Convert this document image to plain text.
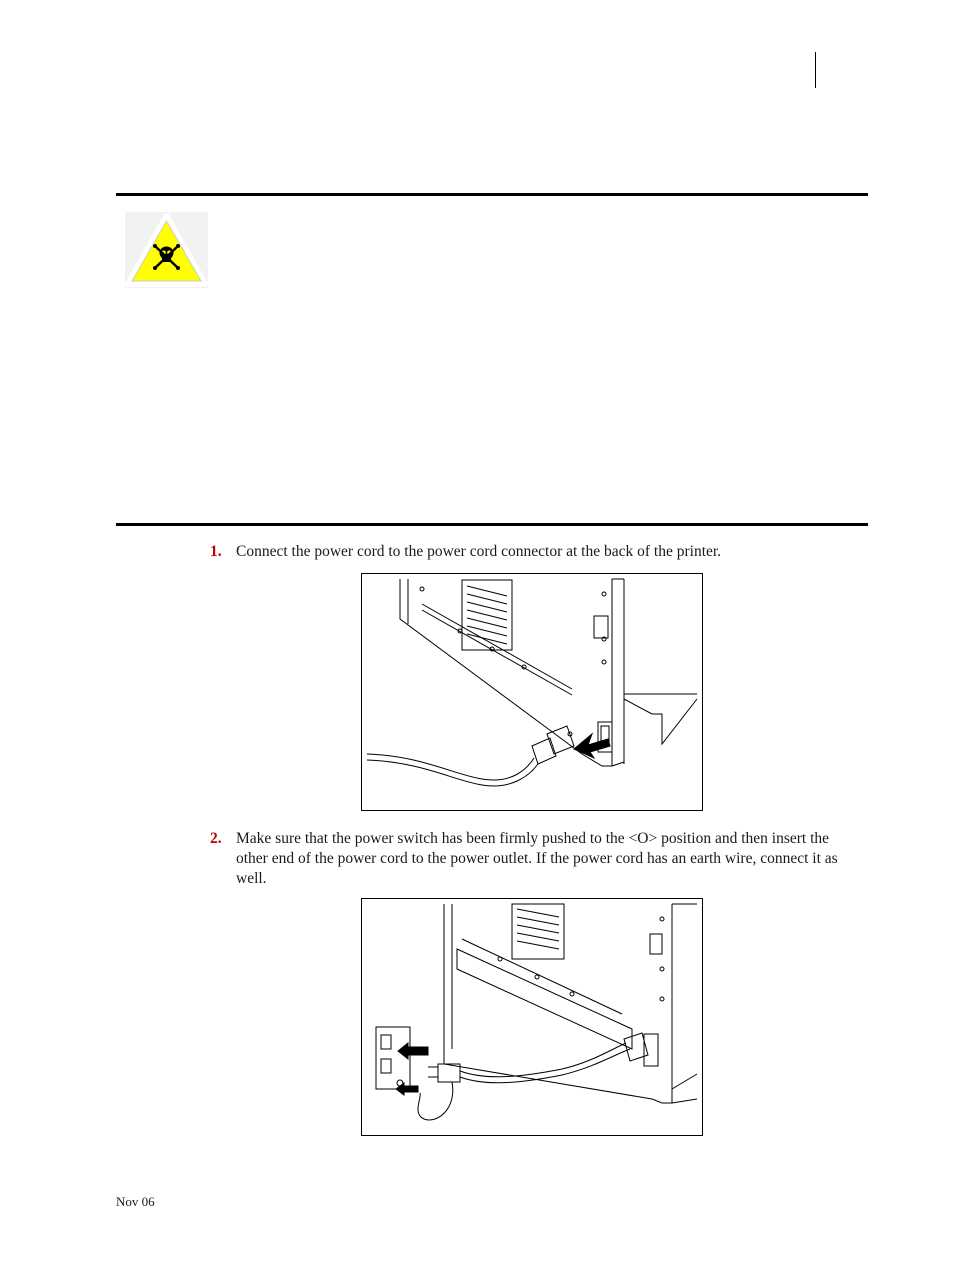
1. Connect the power cord to the power cord connector at the back of the printer.
2. Make sure that the power switch has been firmly pushed to the <O> position and then insert the other end of the power cord to the power outlet. If the power cord has an earth wire, connect it as well.
Nov 06
